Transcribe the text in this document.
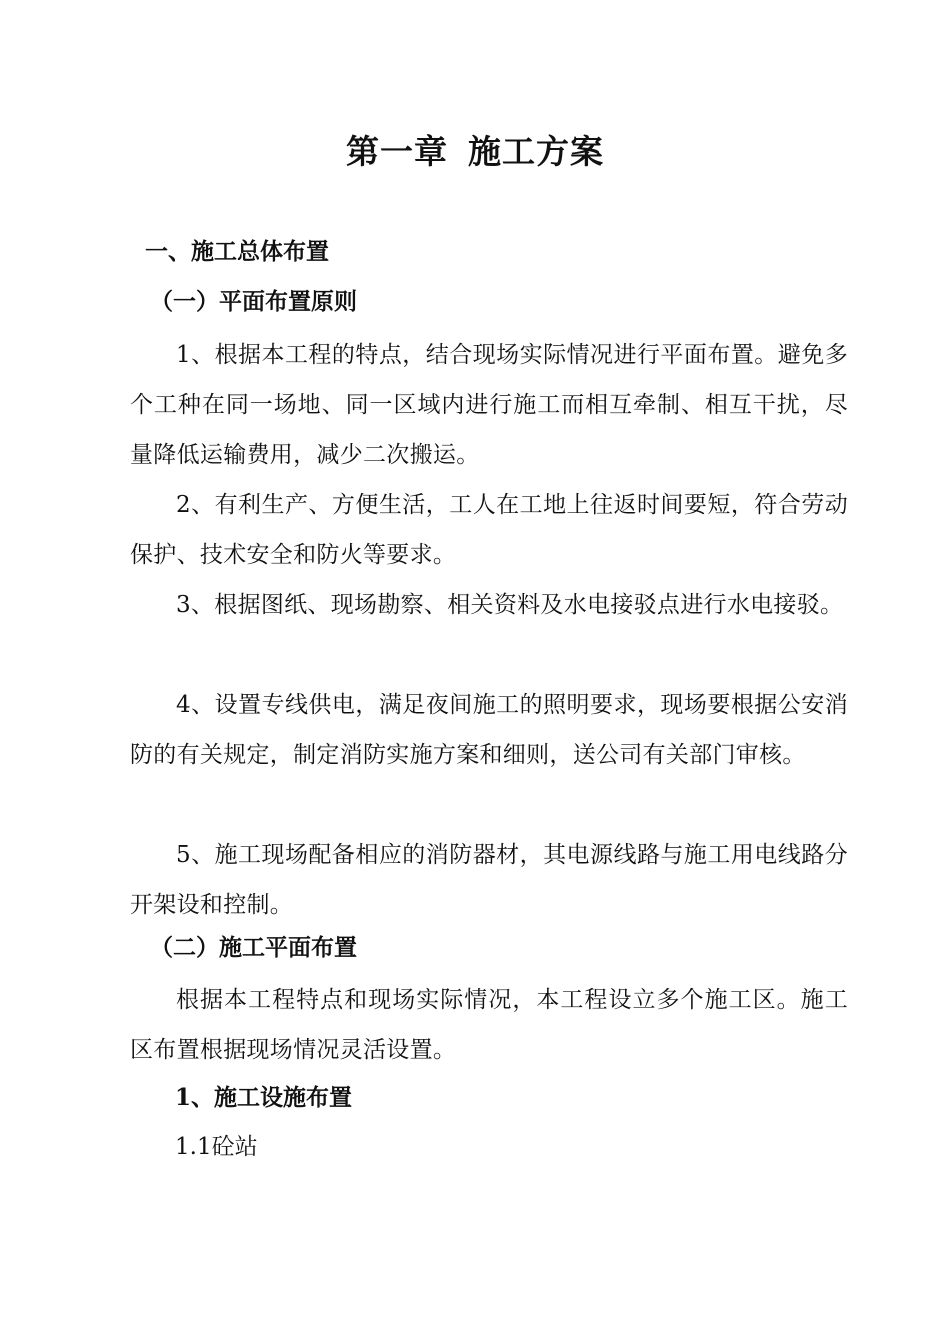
第一章 施工方案
一、施工总体布置
（一）平面布置原则

1、根据本工程的特点，结合现场实际情况进行平面布置。避免多个工种在同一场地、同一区域内进行施工而相互牵制、相互干扰，尽量降低运输费用，减少二次搬运。

2、有利生产、方便生活，工人在工地上往返时间要短，符合劳动保护、技术安全和防火等要求。

3、根据图纸、现场勘察、相关资料及水电接驳点进行水电接驳。

4、设置专线供电，满足夜间施工的照明要求，现场要根据公安消防的有关规定，制定消防实施方案和细则，送公司有关部门审核。

5、施工现场配备相应的消防器材，其电源线路与施工用电线路分开架设和控制。

（二）施工平面布置

根据本工程特点和现场实际情况，本工程设立多个施工区。施工区布置根据现场情况灵活设置。

1、施工设施布置

1.1砼站
